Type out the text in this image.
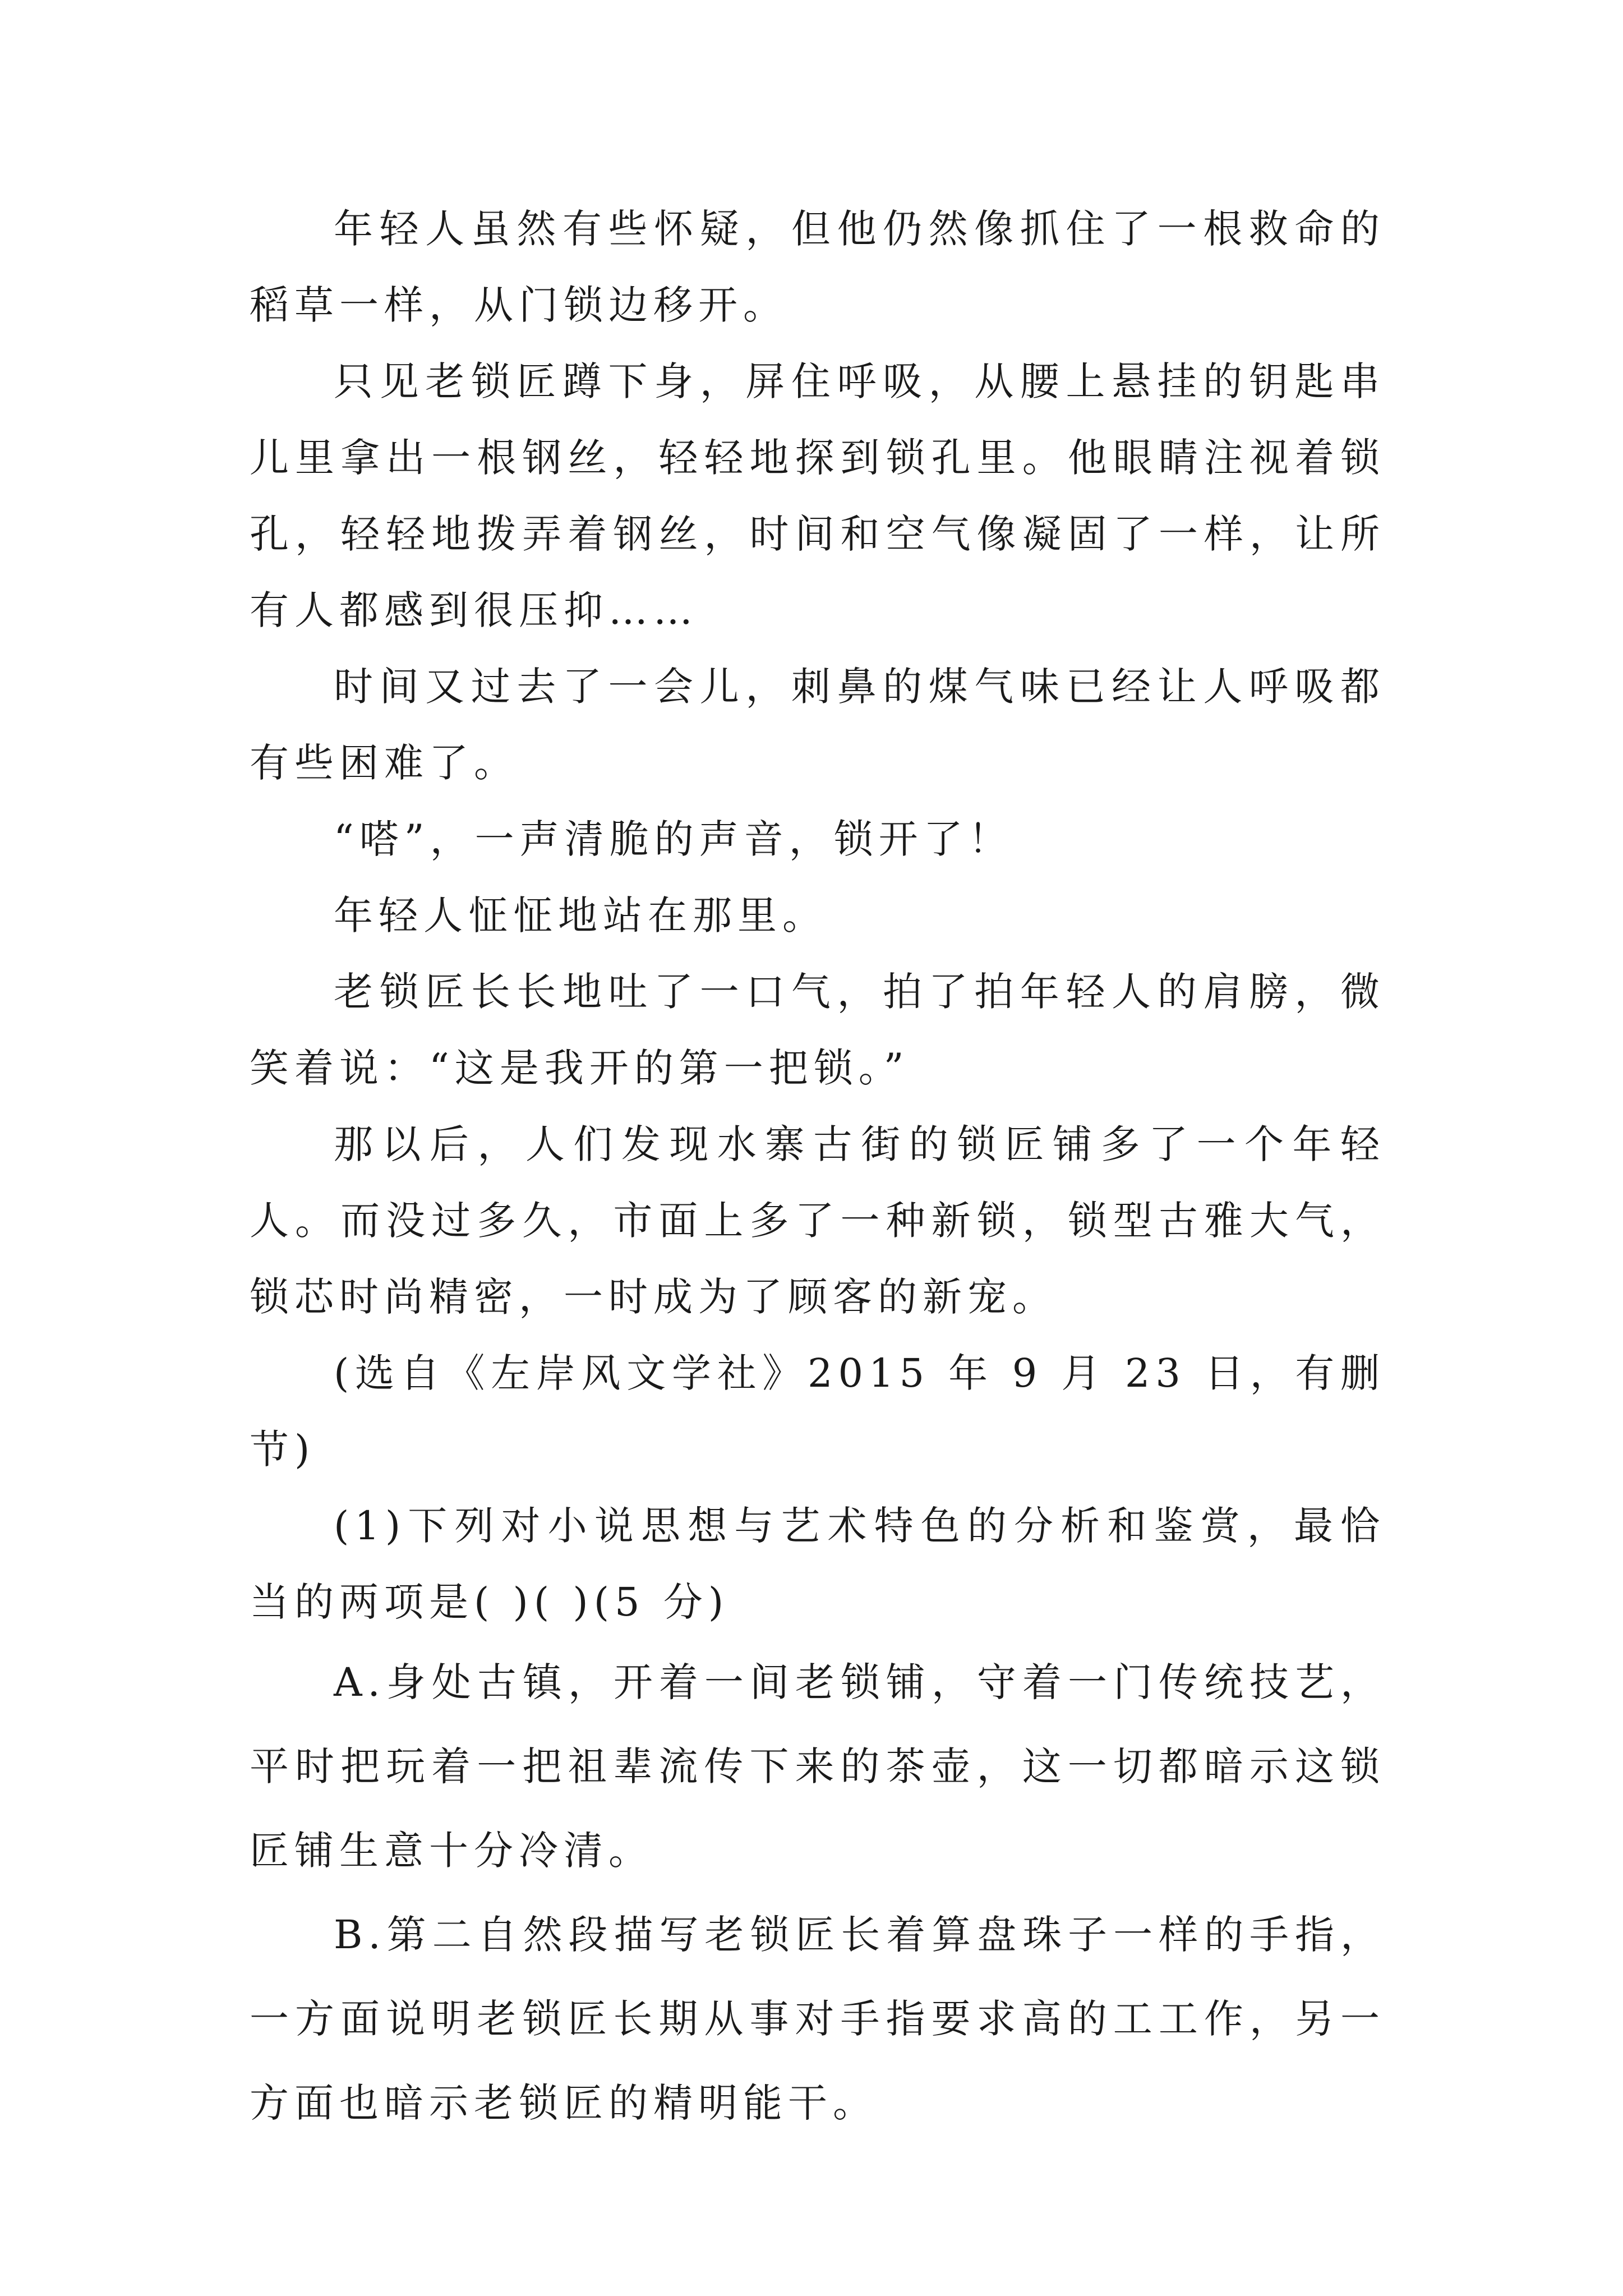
年轻人虽然有些怀疑，但他仍然像抓住了一根救命的稻草一样，从门锁边移开。

只见老锁匠蹲下身，屏住呼吸，从腰上悬挂的钥匙串儿里拿出一根钢丝，轻轻地探到锁孔里。他眼睛注视着锁孔，轻轻地拨弄着钢丝，时间和空气像凝固了一样，让所有人都感到很压抑……

时间又过去了一会儿，刺鼻的煤气味已经让人呼吸都有些困难了。

“嗒”，一声清脆的声音，锁开了！

年轻人怔怔地站在那里。

老锁匠长长地吐了一口气，拍了拍年轻人的肩膀，微笑着说：“这是我开的第一把锁。”

那以后，人们发现水寨古街的锁匠铺多了一个年轻人。而没过多久，市面上多了一种新锁，锁型古雅大气，锁芯时尚精密，一时成为了顾客的新宠。

(选自《左岸风文学社》2015 年 9 月 23 日，有删节)

(1)下列对小说思想与艺术特色的分析和鉴赏，最恰当的两项是( )( )(5 分)

A.身处古镇，开着一间老锁铺，守着一门传统技艺，平时把玩着一把祖辈流传下来的茶壶，这一切都暗示这锁匠铺生意十分冷清。

B.第二自然段描写老锁匠长着算盘珠子一样的手指，一方面说明老锁匠长期从事对手指要求高的工工作，另一方面也暗示老锁匠的精明能干。
